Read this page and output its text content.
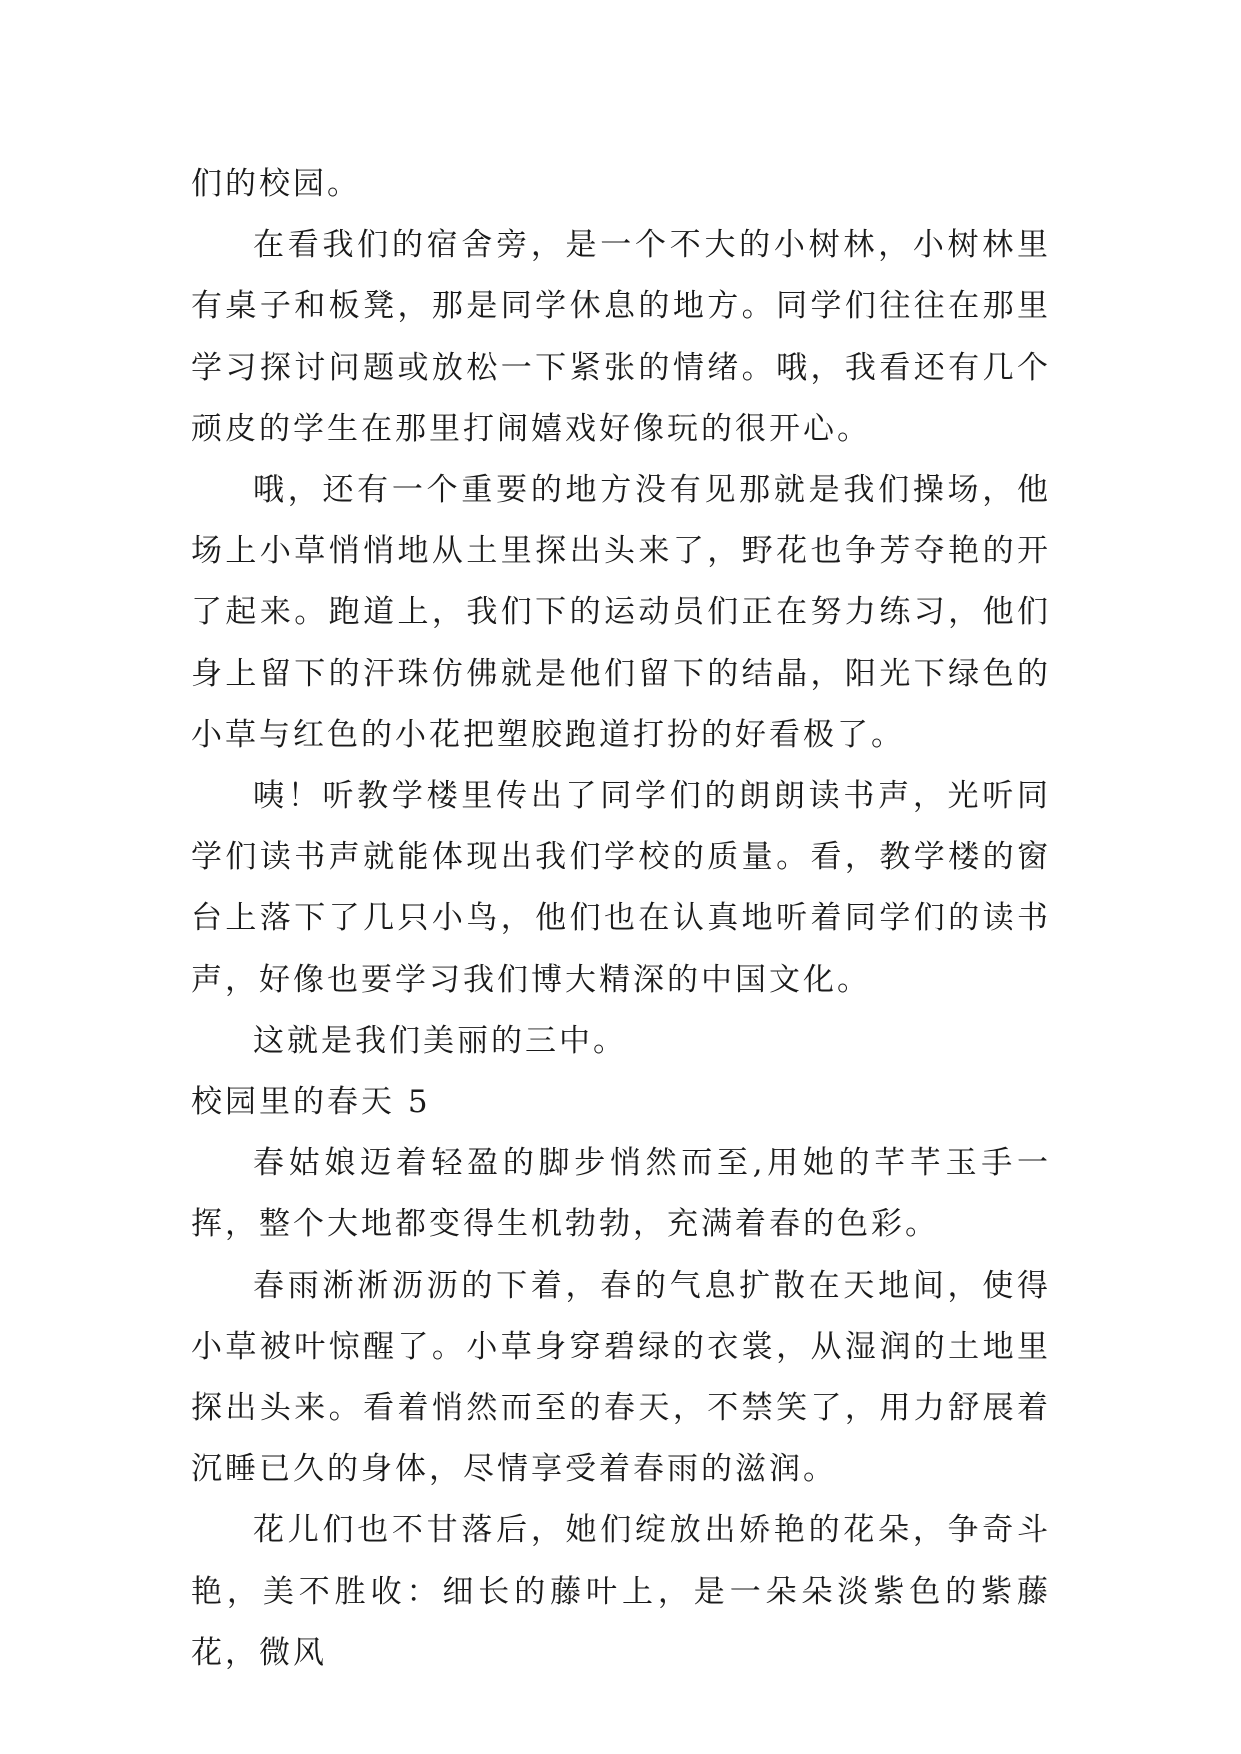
们的校园。

在看我们的宿舍旁，是一个不大的小树林，小树林里有桌子和板凳，那是同学休息的地方。同学们往往在那里学习探讨问题或放松一下紧张的情绪。哦，我看还有几个顽皮的学生在那里打闹嬉戏好像玩的很开心。

哦，还有一个重要的地方没有见那就是我们操场，他场上小草悄悄地从土里探出头来了，野花也争芳夺艳的开了起来。跑道上，我们下的运动员们正在努力练习，他们身上留下的汗珠仿佛就是他们留下的结晶，阳光下绿色的小草与红色的小花把塑胶跑道打扮的好看极了。

咦！听教学楼里传出了同学们的朗朗读书声，光听同学们读书声就能体现出我们学校的质量。看，教学楼的窗台上落下了几只小鸟，他们也在认真地听着同学们的读书声，好像也要学习我们博大精深的中国文化。

这就是我们美丽的三中。

校园里的春天 5

春姑娘迈着轻盈的脚步悄然而至,用她的芊芊玉手一挥，整个大地都变得生机勃勃，充满着春的色彩。

春雨淅淅沥沥的下着，春的气息扩散在天地间，使得小草被叶惊醒了。小草身穿碧绿的衣裳，从湿润的土地里探出头来。看着悄然而至的春天，不禁笑了，用力舒展着沉睡已久的身体，尽情享受着春雨的滋润。

花儿们也不甘落后，她们绽放出娇艳的花朵，争奇斗艳，美不胜收：细长的藤叶上，是一朵朵淡紫色的紫藤花，微风
